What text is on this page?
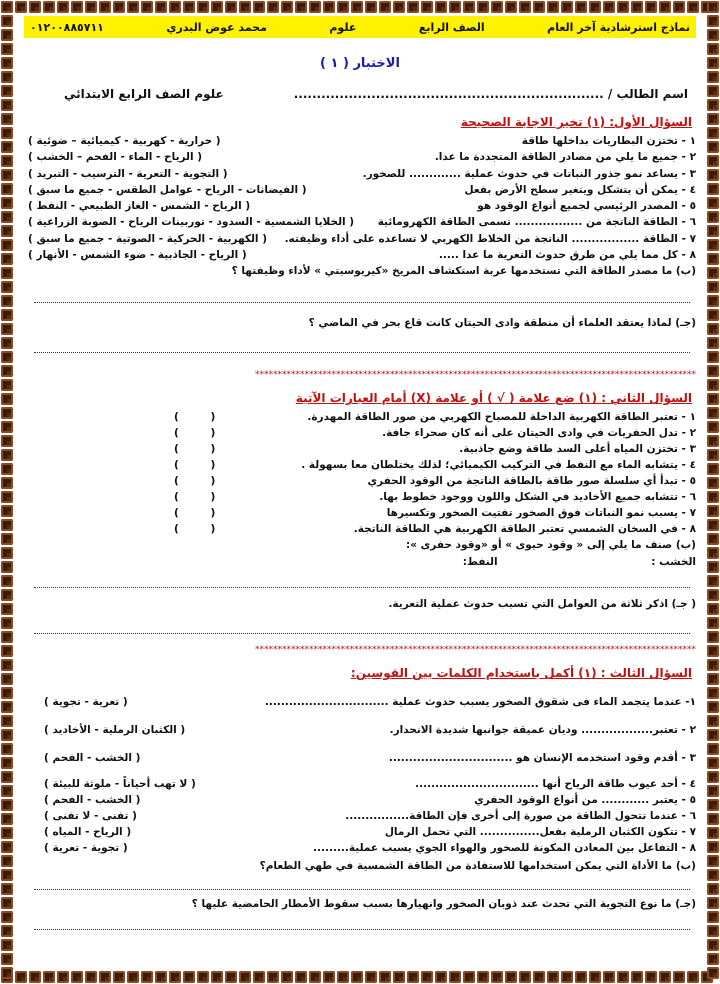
نماذج استرشادية آخر العام
الصف الرابع
علوم
محمد عوض البدري
٠١٢٠٠٨٨٥٧١١
الاختبار ( ١ )
اسم الطالب / ....................................................................
علوم الصف الرابع الابتدائي
السؤال الأول: (١) تخير الاجابة الصحيحة
١ - تختزن البطاريات بداخلها طاقة
( حرارية - كهربية - كيميائية – ضوئية )
٢ - جميع ما يلي من مصادر الطاقة المتجددة ما عدا.
( الرياح - الماء - الفحم – الخشب )
٣ - يساعد نمو جذور النباتات في حدوث عملية ............. للصخور.
( التجوية - التعرية - الترسيب - التبريد )
٤ - يمكن أن يتشكل ويتغير سطح الأرض بفعل
( الفيضانات - الرياح - عوامل الطقس - جميع ما سبق )
٥ - المصدر الرئيسي لجميع أنواع الوقود هو
( الرياح - الشمس - الغاز الطبيعي - النفط )
٦ - الطاقة الناتجة من ................. تسمى الطاقة الكهرومائية
( الخلايا الشمسية - السدود - توربينات الرياح - الصوبة الزراعية )
٧ - الطاقة ................. الناتجة من الخلاط الكهربي لا تساعده على أداء وظيفته.
( الكهربية - الحركية - الصوتية - جميع ما سبق )
٨ - كل مما يلي من طرق حدوث التعرية ما عدا .....
( الرياح - الجاذبية - ضوء الشمس - الأنهار )
(ب) ما مصدر الطاقة التي تستخدمها عربة استكشاف المريخ «كيريوسيتي » لأداء وظيفتها ؟
(جـ) لماذا يعتقد العلماء أن منطقة وادى الحيتان كانت قاع بحر في الماضي ؟
**************************************************************************************************
السؤال الثاني : (١) ضع علامة ( √ ) أو علامة (X) أمام العبارات الآتية
١ - تعتبر الطاقة الكهربية الداخلة للمصباح الكهربي من صور الطاقة المهدرة.
( )
٢ - تدل الحفريات في وادى الحيتان على أنه كان صحراء جافة.
( )
٣ - تختزن المياه أعلى السد طاقة وضع جاذبية.
( )
٤ - يتشابه الماء مع النفط في التركيب الكيميائي؛ لذلك يختلطان معا بسهولة .
( )
٥ - تبدأ أي سلسلة صور طاقة بالطاقة الناتجة من الوقود الحفري
( )
٦ - تتشابه جميع الأخاديد في الشكل واللون ووجود خطوط بها.
( )
٧ - يسبب نمو النباتات فوق الصخور تفتيت الصخور وتكسيرها
( )
٨ - في السخان الشمسي تعتبر الطاقة الكهربية هي الطاقة الناتجة.
( )
(ب) صنف ما يلي إلى « وقود حيوى » أو «وقود حفرى »:
الخشب : النفط:
( جـ) اذكر ثلاثة من العوامل التي تسبب حدوث عملية التعرية.
**************************************************************************************************
السؤال الثالث : (١) أكمل باستخدام الكلمات بين القوسين:
١- عندما يتجمد الماء فى شقوق الصخور يسبب حدوث عملية ...............................
( تعرية - تجوية )
٢ - تعتبر.................. وديان عميقة جوانبها شديدة الانحدار.
( الكثبان الرملية - الأخاديد )
٣ - أقدم وقود استخدمه الإنسان هو ...............................
( الخشب - الفحم )
٤ - أحد عيوب طاقة الرياح أنها ...............................
( لا تهب أحياناً - ملوثة للبيئة )
٥ - يعتبر ............ من أنواع الوقود الحفري
( الخشب - الفحم )
٦ - عندما تتحول الطاقة من صورة إلى أخرى فإن الطاقة................
( تفنى - لا تفنى )
٧ - تتكون الكثبان الرملية بفعل............... التي تحمل الرمال
( الرياح - المياه )
٨ - التفاعل بين المعادن المكونة للصخور والهواء الجوي يسبب عملية.........
( تجوية - تعرية )
(ب) ما الأداة التي يمكن استخدامها للاستفادة من الطاقة الشمسية في طهي الطعام؟
(جـ) ما نوع التجوية التي تحدث عند ذوبان الصخور وانهيارها بسبب سقوط الأمطار الحامضية عليها ؟
